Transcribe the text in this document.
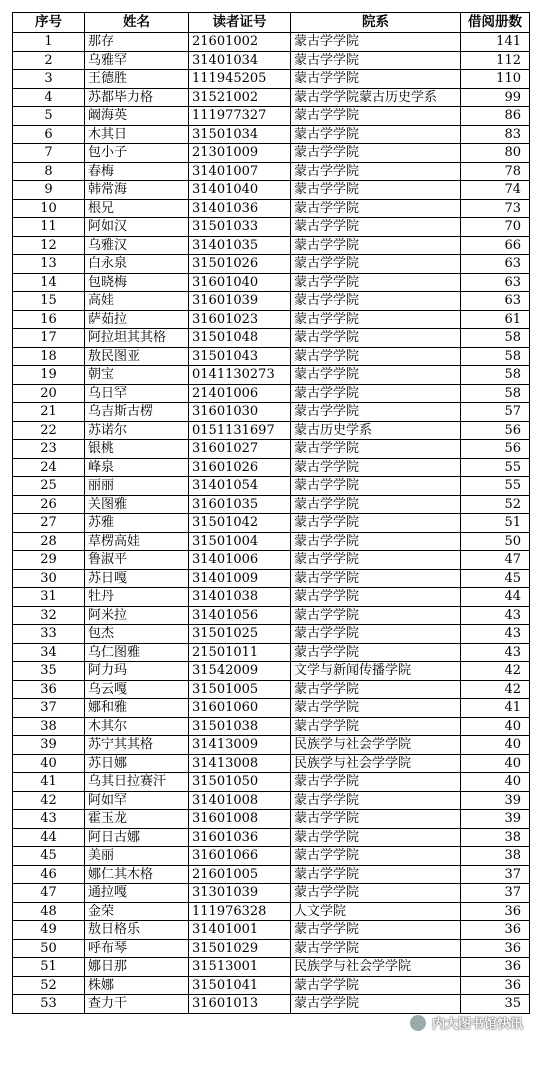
序号	姓名	读者证号	院系	借阅册数
1	那存	21601002	蒙古学学院	141
2	乌雅罕	31401034	蒙古学学院	112
3	王德胜	111945205	蒙古学学院	110
4	苏都毕力格	31521002	蒙古学学院蒙古历史学系	99
5	阚海英	111977327	蒙古学学院	86
6	木其日	31501034	蒙古学学院	83
7	包小子	21301009	蒙古学学院	80
8	春梅	31401007	蒙古学学院	78
9	韩常海	31401040	蒙古学学院	74
10	根兄	31401036	蒙古学学院	73
11	阿如汉	31501033	蒙古学学院	70
12	乌雅汉	31401035	蒙古学学院	66
13	白永泉	31501026	蒙古学学院	63
14	包晓梅	31601040	蒙古学学院	63
15	高娃	31601039	蒙古学学院	63
16	萨茹拉	31601023	蒙古学学院	61
17	阿拉坦其其格	31501048	蒙古学学院	58
18	敖民图亚	31501043	蒙古学学院	58
19	朝宝	0141130273	蒙古学学院	58
20	乌日罕	21401006	蒙古学学院	58
21	乌吉斯古楞	31601030	蒙古学学院	57
22	苏诺尔	0151131697	蒙古历史学系	56
23	银桃	31601027	蒙古学学院	56
24	峰泉	31601026	蒙古学学院	55
25	丽丽	31401054	蒙古学学院	55
26	关图雅	31601035	蒙古学学院	52
27	苏雅	31501042	蒙古学学院	51
28	草楞高娃	31501004	蒙古学学院	50
29	鲁淑平	31401006	蒙古学学院	47
30	苏日嘎	31401009	蒙古学学院	45
31	牡丹	31401038	蒙古学学院	44
32	阿米拉	31401056	蒙古学学院	43
33	包杰	31501025	蒙古学学院	43
34	乌仁图雅	21501011	蒙古学学院	43
35	阿力玛	31542009	文学与新闻传播学院	42
36	乌云嘎	31501005	蒙古学学院	42
37	娜和雅	31601060	蒙古学学院	41
38	木其尔	31501038	蒙古学学院	40
39	苏宁其其格	31413009	民族学与社会学学院	40
40	苏日娜	31413008	民族学与社会学学院	40
41	乌其日拉赛汗	31501050	蒙古学学院	40
42	阿如罕	31401008	蒙古学学院	39
43	霍玉龙	31601008	蒙古学学院	39
44	阿日古娜	31601036	蒙古学学院	38
45	美丽	31601066	蒙古学学院	38
46	娜仁其木格	21601005	蒙古学学院	37
47	通拉嘎	31301039	蒙古学学院	37
48	金荣	111976328	人文学院	36
49	敖日格乐	31401001	蒙古学学院	36
50	呼布琴	31501029	蒙古学学院	36
51	娜日那	31513001	民族学与社会学学院	36
52	株娜	31501041	蒙古学学院	36
53	查力干	31601013	蒙古学学院	35
内大图书馆快讯
